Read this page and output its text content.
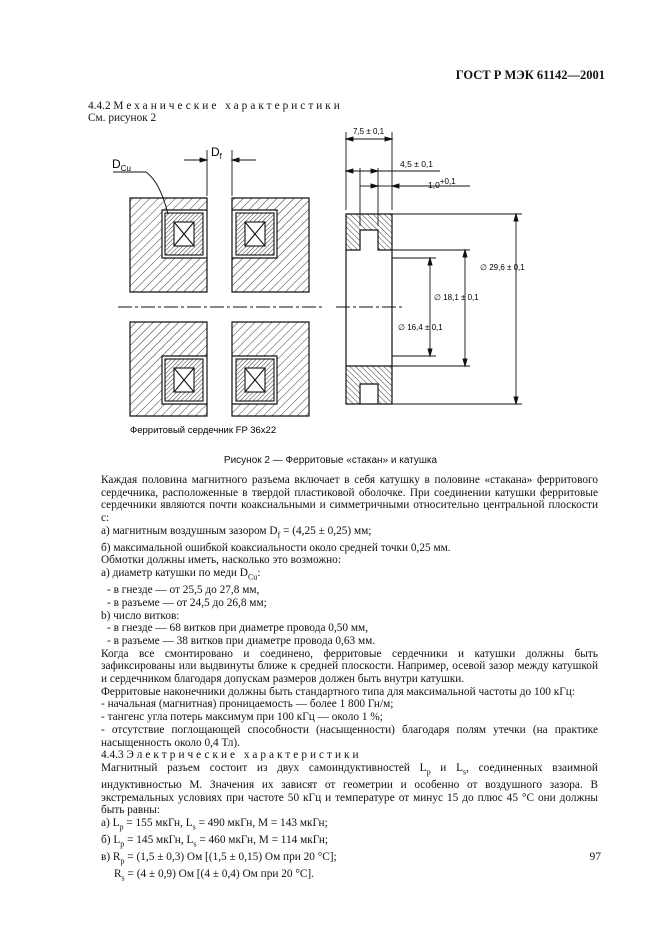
ГОСТ Р МЭК 61142—2001
4.4.2 Механические характеристики
См. рисунок 2
$D_{Cu}$
$D_f$
7,5 ± 0,1
4,5 ± 0,1
1,0+0,1
∅ 29,6 ± 0,1
∅ 18,1 ± 0,1
∅ 16,4 ± 0,1
Ферритовый сердечник FP 36x22
Рисунок 2 — Ферритовые «стакан» и катушка

Каждая половина магнитного разъема включает в себя катушку в половине «стакана» ферритового сердечника, расположенные в твердой пластиковой оболочке. При соединении катушки ферритовые сердечники являются почти коаксиальными и симметричными относительно центральной плоскости с:

а) магнитным воздушным зазором $D_f = (4,25 \pm 0,25)$ мм;

б) максимальной ошибкой коаксиальности около средней точки 0,25 мм.

Обмотки должны иметь, насколько это возможно:

а) диаметр катушки по меди $D_{Cu}$:

- в гнезде — от 25,5 до 27,8 мм,

- в разъеме — от 24,5 до 26,8 мм;

b) число витков:

- в гнезде — 68 витков при диаметре провода 0,50 мм,

- в разъеме — 38 витков при диаметре провода 0,63 мм.

Когда все смонтировано и соединено, ферритовые сердечники и катушки должны быть зафиксированы или выдвинуты ближе к средней плоскости. Например, осевой зазор между катушкой и сердечником благодаря допускам размеров должен быть внутри катушки.

Ферритовые наконечники должны быть стандартного типа для максимальной частоты до 100 кГц:

- начальная (магнитная) проницаемость — более 1 800 Гн/м;

- тангенс угла потерь максимум при 100 кГц — около 1 %;

- отсутствие поглощающей способности (насыщенности) благодаря полям утечки (на практике насыщенность около 0,4 Тл).

4.4.3 Электрические характеристики

Магнитный разъем состоит из двух самоиндуктивностей $L_p$ и $L_s$, соединенных взаимной индуктивностью M. Значения их зависят от геометрии и особенно от воздушного зазора. В экстремальных условиях при частоте 50 кГц и температуре от минус 15 до плюс 45 °С они должны быть равны:

а) $L_p = 155$ мкГн, $L_s = 490$ мкГн, M = 143 мкГн;

б) $L_p = 145$ мкГн, $L_s = 460$ мкГн, M = 114 мкГн;

в) $R_p = (1,5 \pm 0,3)$ Ом [(1,5 ± 0,15) Ом при 20 °С];

$R_s = (4 \pm 0,9)$ Ом [(4 ± 0,4) Ом при 20 °С].

97
